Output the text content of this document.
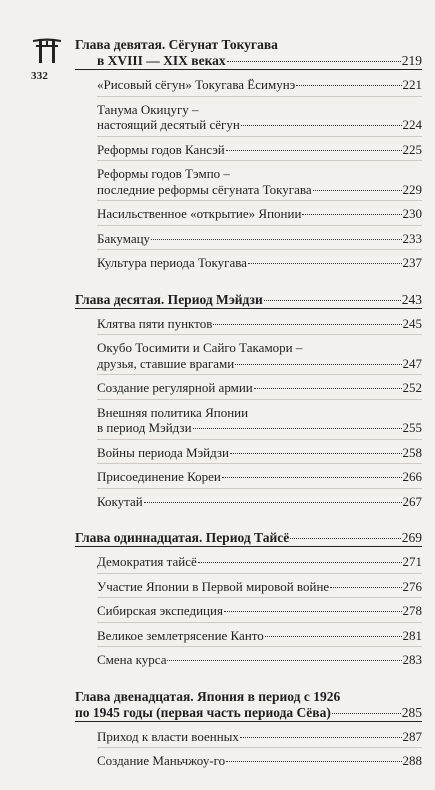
332
Глава девятая. Сёгунат Токугава
в XVIII — XIX веках	219
«Рисовый сёгун» Токугава Ёсимунэ	221
Танума Окицугу –
настоящий десятый сёгун	224
Реформы годов Кансэй	225
Реформы годов Тэмпо –
последние реформы сёгуната Токугава	229
Насильственное «открытие» Японии	230
Бакумацу	233
Культура периода Токугава	237
Глава десятая. Период Мэйдзи	243
Клятва пяти пунктов	245
Окубо Тосимити и Сайго Такамори –
друзья, ставшие врагами	247
Создание регулярной армии	252
Внешняя политика Японии
в период Мэйдзи	255
Войны периода Мэйдзи	258
Присоединение Кореи	266
Кокутай	267
Глава одиннадцатая. Период Тайсё	269
Демократия тайсё	271
Участие Японии в Первой мировой войне	276
Сибирская экспедиция	278
Великое землетрясение Канто	281
Смена курса	283
Глава двенадцатая. Япония в период с 1926
по 1945 годы (первая часть периода Сёва)	285
Приход к власти военных	287
Создание Маньчжоу-го	288
